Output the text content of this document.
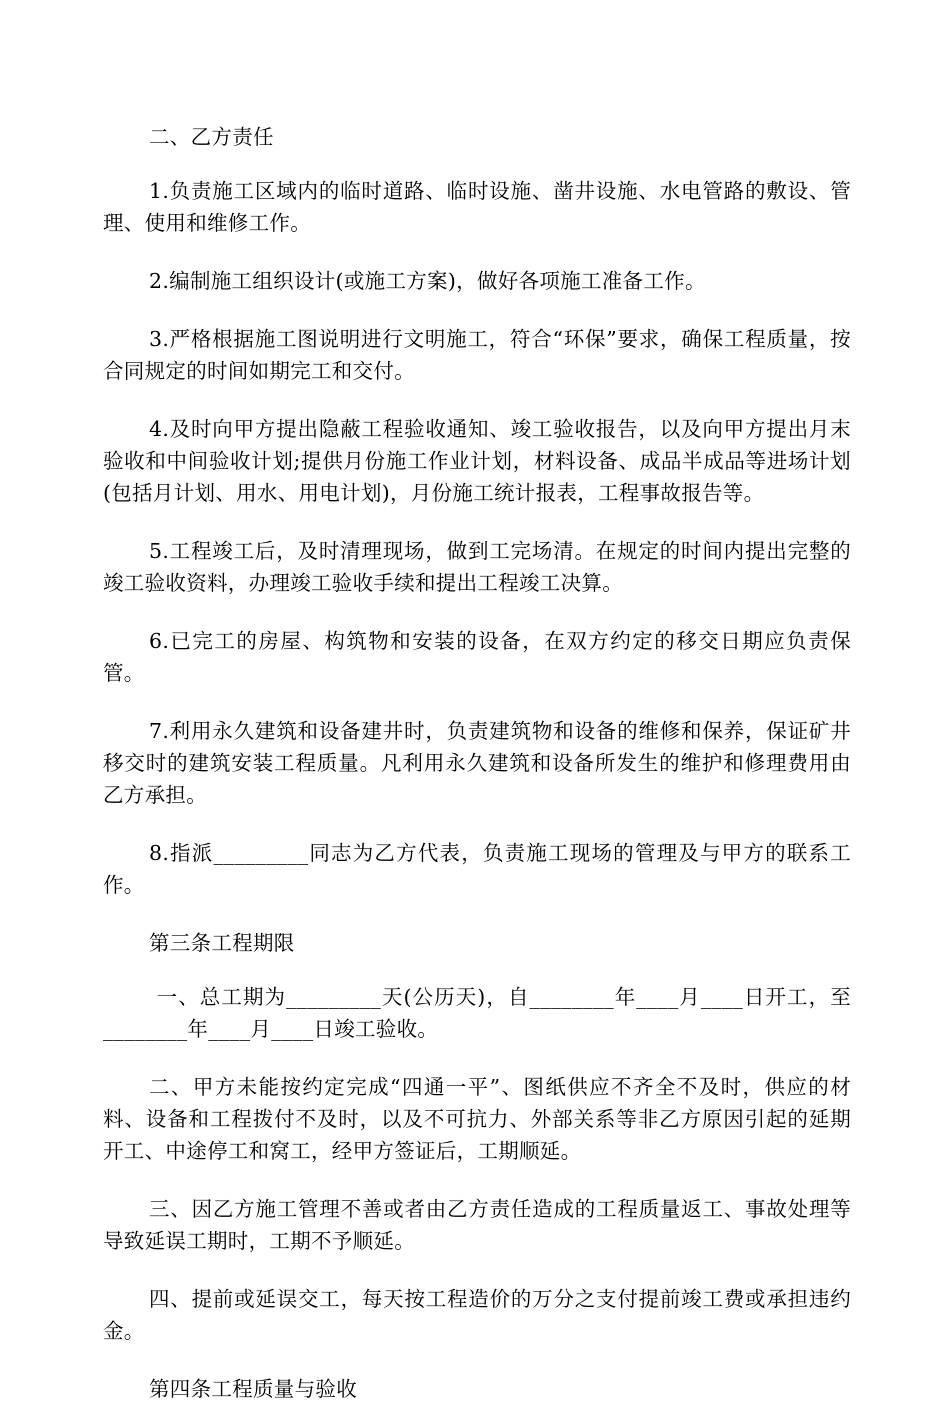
二、乙方责任

1.负责施工区域内的临时道路、临时设施、凿井设施、水电管路的敷设、管理、使用和维修工作。

2.编制施工组织设计(或施工方案)，做好各项施工准备工作。

3.严格根据施工图说明进行文明施工，符合“环保”要求，确保工程质量，按合同规定的时间如期完工和交付。

4.及时向甲方提出隐蔽工程验收通知、竣工验收报告，以及向甲方提出月末验收和中间验收计划;提供月份施工作业计划，材料设备、成品半成品等进场计划(包括月计划、用水、用电计划)，月份施工统计报表，工程事故报告等。

5.工程竣工后，及时清理现场，做到工完场清。在规定的时间内提出完整的竣工验收资料，办理竣工验收手续和提出工程竣工决算。

6.已完工的房屋、构筑物和安装的设备，在双方约定的移交日期应负责保管。

7.利用永久建筑和设备建井时，负责建筑物和设备的维修和保养，保证矿井移交时的建筑安装工程质量。凡利用永久建筑和设备所发生的维护和修理费用由乙方承担。

8.指派_________同志为乙方代表，负责施工现场的管理及与甲方的联系工作。

第三条工程期限

一、总工期为_________天(公历天)，自________年____月____日开工，至________年____月____日竣工验收。

二、甲方未能按约定完成“四通一平”、图纸供应不齐全不及时，供应的材料、设备和工程拨付不及时，以及不可抗力、外部关系等非乙方原因引起的延期开工、中途停工和窝工，经甲方签证后，工期顺延。

三、因乙方施工管理不善或者由乙方责任造成的工程质量返工、事故处理等导致延误工期时，工期不予顺延。

四、提前或延误交工，每天按工程造价的万分之支付提前竣工费或承担违约金。

第四条工程质量与验收
